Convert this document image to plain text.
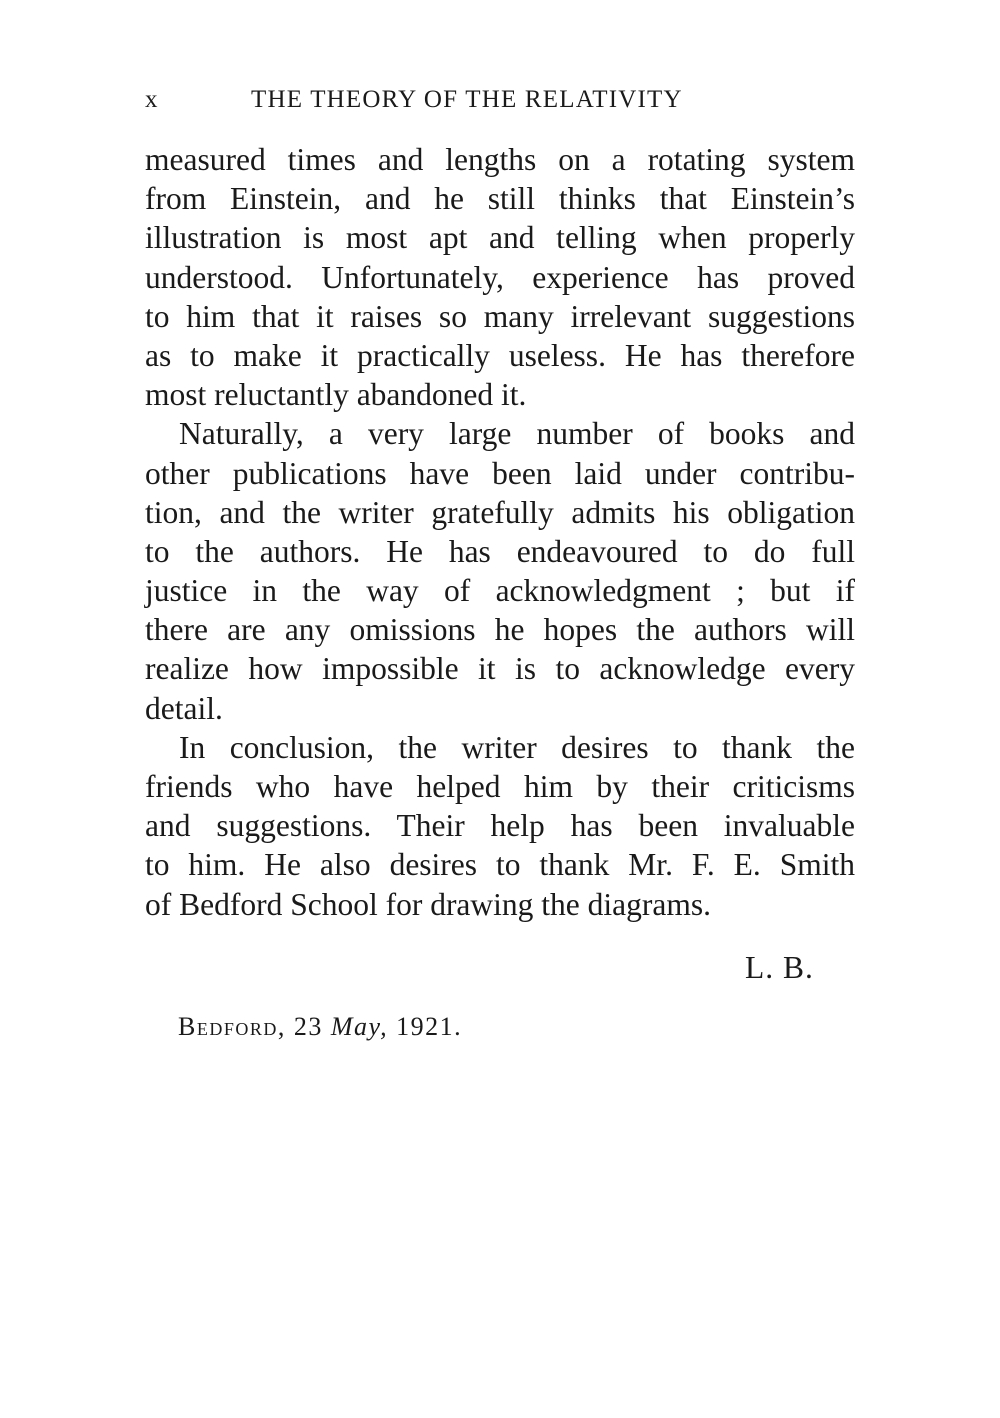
x	THE THEORY OF THE RELATIVITY
measured times and lengths on a rotating system
from Einstein, and he still thinks that Einstein’s
illustration is most apt and telling when properly
understood. Unfortunately, experience has proved
to him that it raises so many irrelevant suggestions
as to make it practically useless. He has therefore
most reluctantly abandoned it.
Naturally, a very large number of books and
other publications have been laid under contribu-
tion, and the writer gratefully admits his obligation
to the authors. He has endeavoured to do full
justice in the way of acknowledgment ; but if
there are any omissions he hopes the authors will
realize how impossible it is to acknowledge every
detail.
In conclusion, the writer desires to thank the
friends who have helped him by their criticisms
and suggestions. Their help has been invaluable
to him. He also desires to thank Mr. F. E. Smith
of Bedford School for drawing the diagrams.
L. B.
Bedford, 23 May, 1921.
